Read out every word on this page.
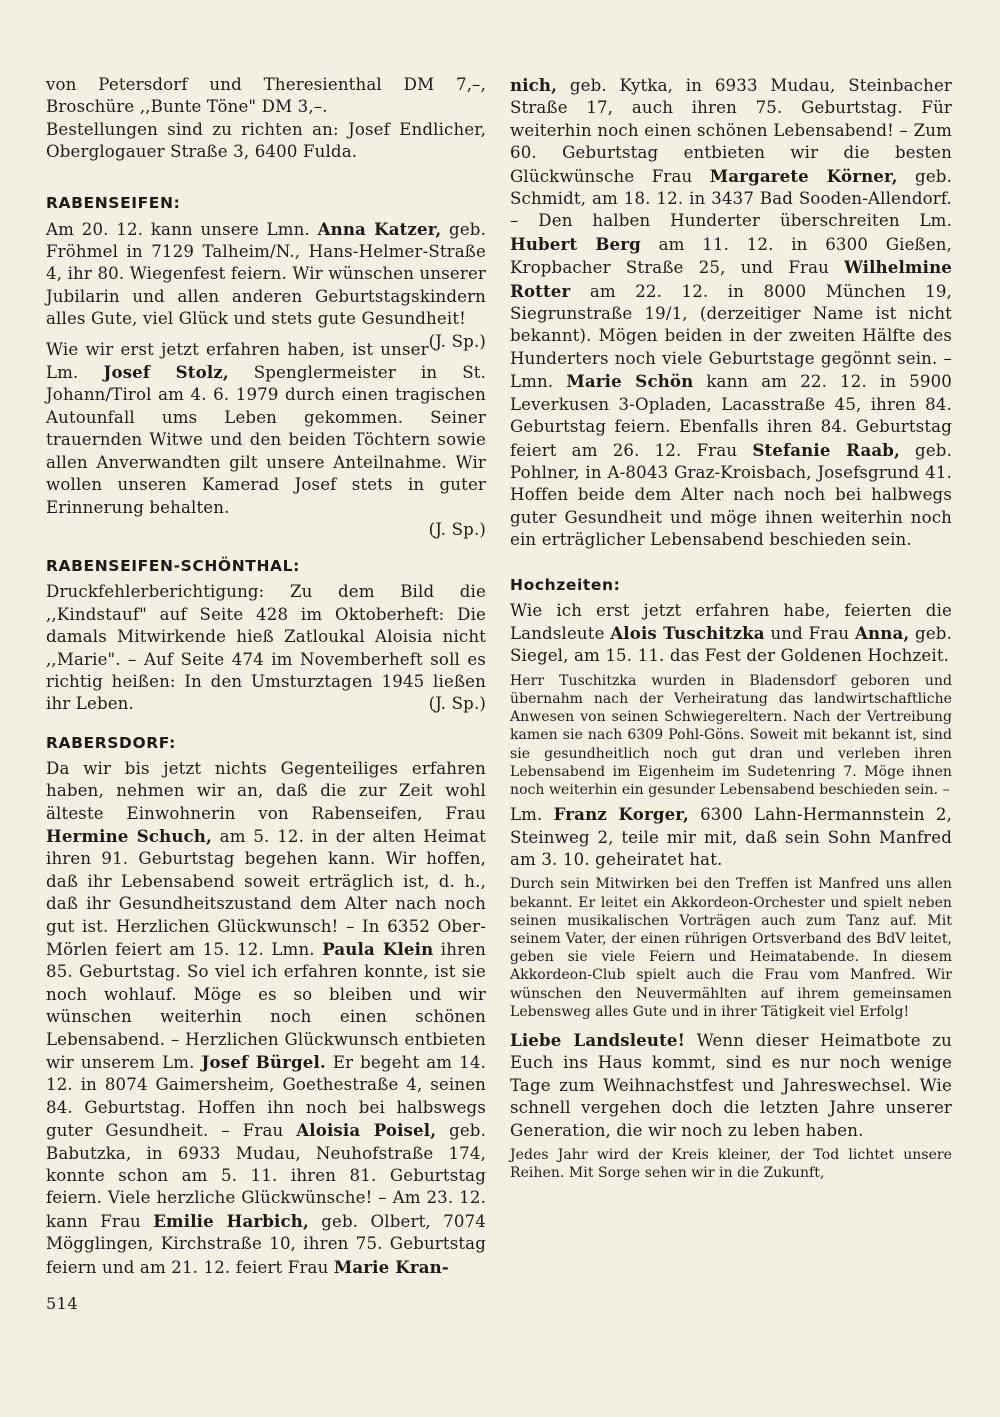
von Petersdorf und Theresienthal DM 7,–, Broschüre ,,Bunte Töne" DM 3,–.
Bestellungen sind zu richten an: Josef Endlicher, Oberglogauer Straße 3, 6400 Fulda.

RABENSEIFEN:

Am 20. 12. kann unsere Lmn. Anna Katzer, geb. Fröhmel in 7129 Talheim/N., Hans-Helmer-Straße 4, ihr 80. Wiegenfest feiern. Wir wünschen unserer Jubilarin und allen anderen Geburtstagskindern alles Gute, viel Glück und stets gute Gesundheit!
(J. Sp.)

Wie wir erst jetzt erfahren haben, ist unser Lm. Josef Stolz, Spenglermeister in St. Johann/Tirol am 4. 6. 1979 durch einen tragischen Autounfall ums Leben gekommen. Seiner trauernden Witwe und den beiden Töchtern sowie allen Anverwandten gilt unsere Anteilnahme. Wir wollen unseren Kamerad Josef stets in guter Erinnerung behalten.

(J. Sp.)
RABENSEIFEN-SCHÖNTHAL:

Druckfehlerberichtigung: Zu dem Bild die ,,Kindstauf" auf Seite 428 im Oktoberheft: Die damals Mitwirkende hieß Zatloukal Aloisia nicht ,,Marie". – Auf Seite 474 im Novemberheft soll es richtig heißen: In den Umsturztagen 1945 ließen ihr Leben.	(J. Sp.)

RABERSDORF:

Da wir bis jetzt nichts Gegenteiliges erfahren haben, nehmen wir an, daß die zur Zeit wohl älteste Einwohnerin von Rabenseifen, Frau Hermine Schuch, am 5. 12. in der alten Heimat ihren 91. Geburtstag begehen kann. Wir hoffen, daß ihr Lebensabend soweit erträglich ist, d. h., daß ihr Gesundheitszustand dem Alter nach noch gut ist. Herzlichen Glückwunsch! – In 6352 Ober-Mörlen feiert am 15. 12. Lmn. Paula Klein ihren 85. Geburtstag. So viel ich erfahren konnte, ist sie noch wohlauf. Möge es so bleiben und wir wünschen weiterhin noch einen schönen Lebensabend. – Herzlichen Glückwunsch entbieten wir unserem Lm. Josef Bürgel. Er begeht am 14. 12. in 8074 Gaimersheim, Goethestraße 4, seinen 84. Geburtstag. Hoffen ihn noch bei halbswegs guter Gesundheit. – Frau Aloisia Poisel, geb. Babutzka, in 6933 Mudau, Neuhofstraße 174, konnte schon am 5. 11. ihren 81. Geburtstag feiern. Viele herzliche Glückwünsche! – Am 23. 12. kann Frau Emilie Harbich, geb. Olbert, 7074 Mögglingen, Kirchstraße 10, ihren 75. Geburtstag feiern und am 21. 12. feiert Frau Marie Kran-

nich, geb. Kytka, in 6933 Mudau, Steinbacher Straße 17, auch ihren 75. Geburtstag. Für weiterhin noch einen schönen Lebensabend! – Zum 60. Geburtstag entbieten wir die besten Glückwünsche Frau Margarete Körner, geb. Schmidt, am 18. 12. in 3437 Bad Sooden-Allendorf. – Den halben Hunderter überschreiten Lm. Hubert Berg am 11. 12. in 6300 Gießen, Kropbacher Straße 25, und Frau Wilhelmine Rotter am 22. 12. in 8000 München 19, Siegrunstraße 19/1, (derzeitiger Name ist nicht bekannt). Mögen beiden in der zweiten Hälfte des Hunderters noch viele Geburtstage gegönnt sein. – Lmn. Marie Schön kann am 22. 12. in 5900 Leverkusen 3-Opladen, Lacasstraße 45, ihren 84. Geburtstag feiern. Ebenfalls ihren 84. Geburtstag feiert am 26. 12. Frau Stefanie Raab, geb. Pohlner, in A-8043 Graz-Kroisbach, Josefsgrund 41. Hoffen beide dem Alter nach noch bei halbwegs guter Gesundheit und möge ihnen weiterhin noch ein erträglicher Lebensabend beschieden sein.

Hochzeiten:

Wie ich erst jetzt erfahren habe, feierten die Landsleute Alois Tuschitzka und Frau Anna, geb. Siegel, am 15. 11. das Fest der Goldenen Hochzeit.

Herr Tuschitzka wurden in Bladensdorf geboren und übernahm nach der Verheiratung das landwirtschaftliche Anwesen von seinen Schwiegereltern. Nach der Vertreibung kamen sie nach 6309 Pohl-Göns. Soweit mit bekannt ist, sind sie gesundheitlich noch gut dran und verleben ihren Lebensabend im Eigenheim im Sudetenring 7. Möge ihnen noch weiterhin ein gesunder Lebensabend beschieden sein. –

Lm. Franz Korger, 6300 Lahn-Hermannstein 2, Steinweg 2, teile mir mit, daß sein Sohn Manfred am 3. 10. geheiratet hat.

Durch sein Mitwirken bei den Treffen ist Manfred uns allen bekannt. Er leitet ein Akkordeon-Orchester und spielt neben seinen musikalischen Vorträgen auch zum Tanz auf. Mit seinem Vater, der einen rührigen Ortsverband des BdV leitet, geben sie viele Feiern und Heimatabende. In diesem Akkordeon-Club spielt auch die Frau vom Manfred. Wir wünschen den Neuvermählten auf ihrem gemeinsamen Lebensweg alles Gute und in ihrer Tätigkeit viel Erfolg!

Liebe Landsleute! Wenn dieser Heimatbote zu Euch ins Haus kommt, sind es nur noch wenige Tage zum Weihnachstfest und Jahreswechsel. Wie schnell vergehen doch die letzten Jahre unserer Generation, die wir noch zu leben haben.

Jedes Jahr wird der Kreis kleiner, der Tod lichtet unsere Reihen. Mit Sorge sehen wir in die Zukunft,

514
